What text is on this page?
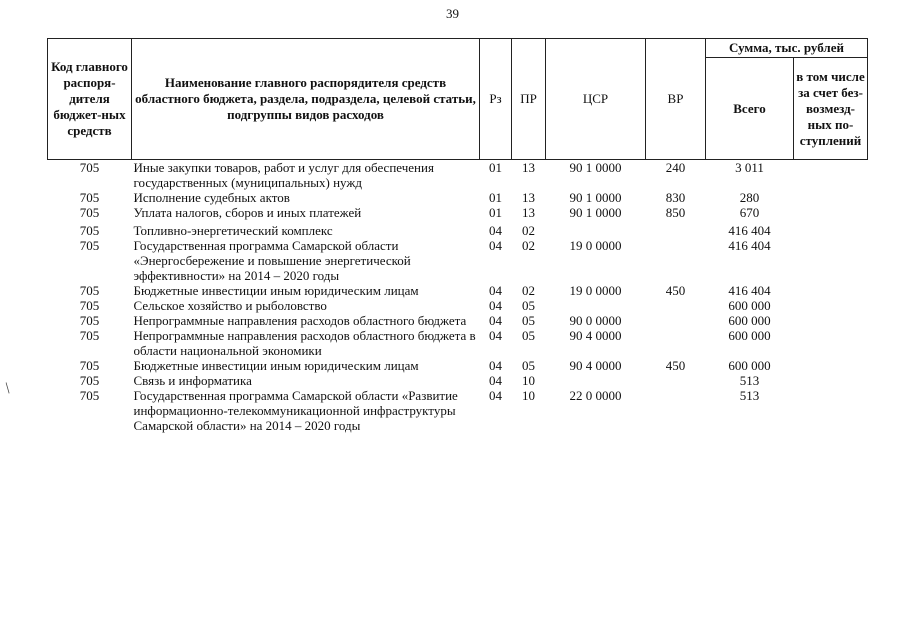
39
/
Код главного распоря-дителя бюджет-ных средств	Наименование главного распорядителя средств областного бюджета, раздела, подраздела, целевой статьи, подгруппы видов расходов	Рз	ПР	ЦСР	ВР	Сумма, тыс. рублей	
						Всего	в том числе за счет без-возмезд-ных по-ступлений
705	Иные закупки товаров, работ и услуг для обеспечения государственных (муниципальных) нужд	01	13	90 1 0000	240	3 011	
705	Исполнение судебных актов	01	13	90 1 0000	830	280	
705	Уплата налогов, сборов и иных платежей	01	13	90 1 0000	850	670	

705	Топливно-энергетический комплекс	04	02			416 404	
705	Государственная программа Самарской области «Энергосбережение и повышение энергетической эффективности» на 2014 – 2020 годы	04	02	19 0 0000		416 404	
705	Бюджетные инвестиции иным юридическим лицам	04	02	19 0 0000	450	416 404	
705	Сельское хозяйство и рыболовство	04	05			600 000	
705	Непрограммные направления расходов областного бюджета	04	05	90 0 0000		600 000	
705	Непрограммные направления расходов областного бюджета в области национальной экономики	04	05	90 4 0000		600 000	
705	Бюджетные инвестиции иным юридическим лицам	04	05	90 4 0000	450	600 000	
705	Связь и информатика	04	10			513	
705	Государственная программа Самарской области «Развитие информационно-телекоммуникационной инфраструктуры Самарской области» на 2014 – 2020 годы	04	10	22 0 0000		513	
